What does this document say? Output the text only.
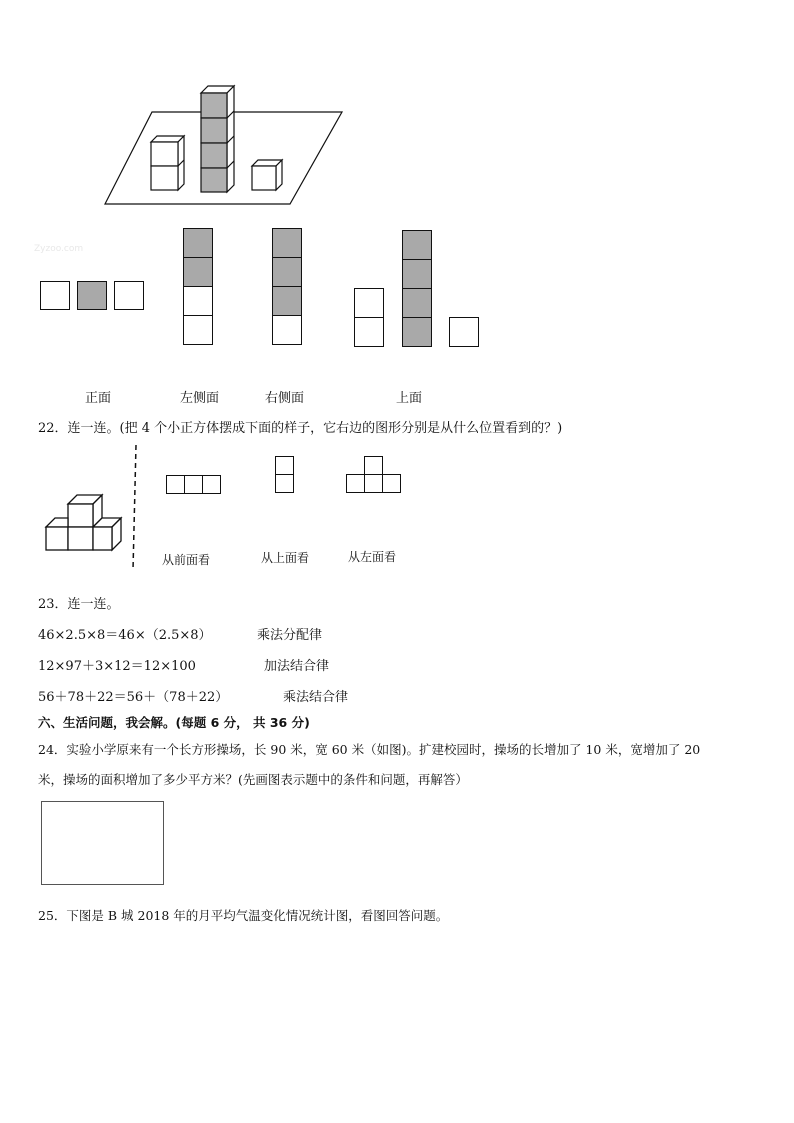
Zyzoo.com
正面	左侧面	右侧面	上面
22．连一连。(把 4 个小正方体摆成下面的样子，它右边的图形分别是从什么位置看到的？)
从前面看	从上面看	从左面看
23．连一连。
46×2.5×8＝46×（2.5×8）
12×97＋3×12＝12×100
56＋78＋22＝56＋（78＋22）
乘法分配律
加法结合律
乘法结合律
六、生活问题，我会解。(每题 6 分， 共 36 分)
24．实验小学原来有一个长方形操场，长 90 米，宽 60 米（如图)。扩建校园时，操场的长增加了 10 米，宽增加了 20
米，操场的面积增加了多少平方米？(先画图表示题中的条件和问题，再解答）
25．下图是 B 城 2018 年的月平均气温变化情况统计图，看图回答问题。
